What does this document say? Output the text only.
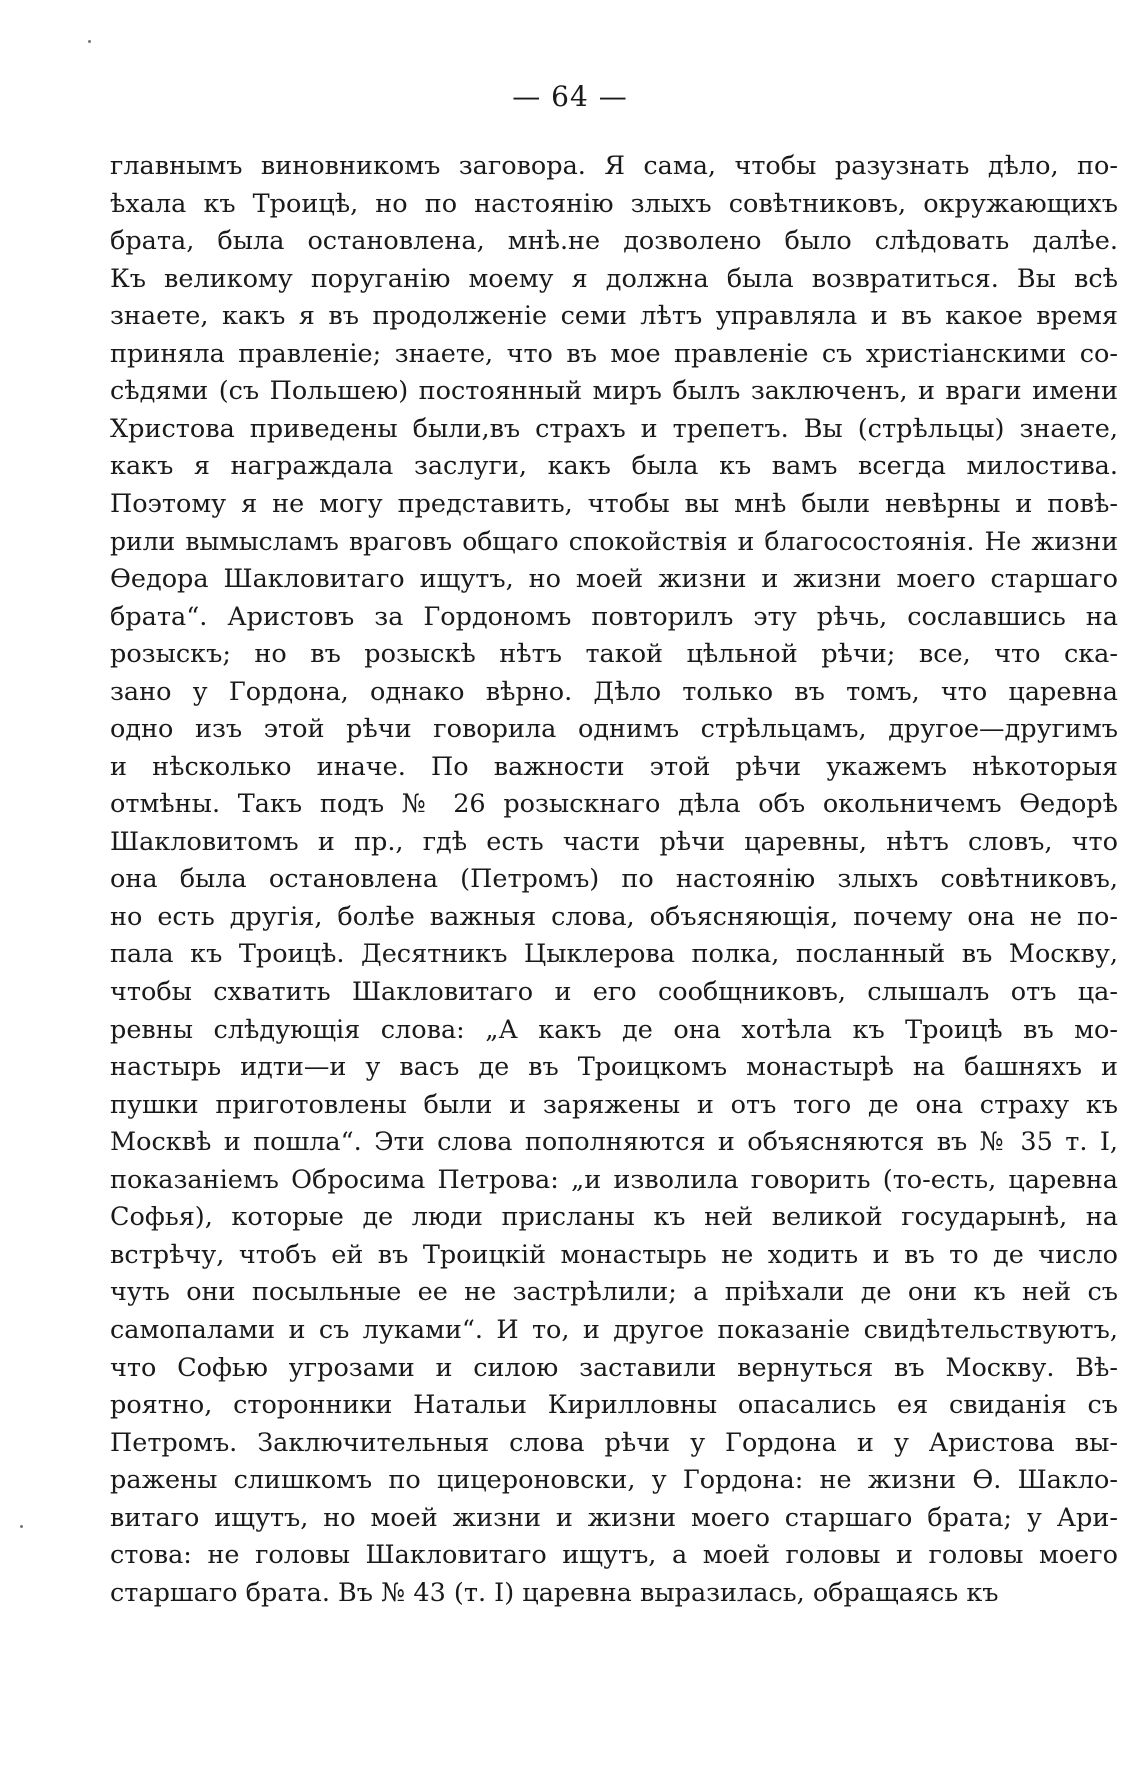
— 64 —
главнымъ виновникомъ заговора. Я сама, чтобы разузнать дѣло, по-
ѣхала къ Троицѣ, но по настоянію злыхъ совѣтниковъ, окружающихъ
брата, была остановлена, мнѣ.не дозволено было слѣдовать далѣе.
Къ великому поруганію моему я должна была возвратиться. Вы всѣ
знаете, какъ я въ продолженіе семи лѣтъ управляла и въ какое время
приняла правленіе; знаете, что въ мое правленіе съ христіанскими со-
сѣдями (съ Польшею) постоянный миръ былъ заключенъ, и враги имени
Христова приведены были,въ страхъ и трепетъ. Вы (стрѣльцы) знаете,
какъ я награждала заслуги, какъ была къ вамъ всегда милостива.
Поэтому я не могу представить, чтобы вы мнѣ были невѣрны и повѣ-
рили вымысламъ враговъ общаго спокойствія и благосостоянія. Не жизни
Ѳедора Шакловитаго ищутъ, но моей жизни и жизни моего старшаго
брата“. Аристовъ за Гордономъ повторилъ эту рѣчь, сославшись на
розыскъ; но въ розыскѣ нѣтъ такой цѣльной рѣчи; все, что ска-
зано у Гордона, однако вѣрно. Дѣло только въ томъ, что царевна
одно изъ этой рѣчи говорила однимъ стрѣльцамъ, другое—другимъ
и нѣсколько иначе. По важности этой рѣчи укажемъ нѣкоторыя
отмѣны. Такъ подъ № 26 розыскнаго дѣла объ окольничемъ Ѳедорѣ
Шакловитомъ и пр., гдѣ есть части рѣчи царевны, нѣтъ словъ, что
она была остановлена (Петромъ) по настоянію злыхъ совѣтниковъ,
но есть другія, болѣе важныя слова, объясняющія, почему она не по-
пала къ Троицѣ. Десятникъ Цыклерова полка, посланный въ Москву,
чтобы схватить Шакловитаго и его сообщниковъ, слышалъ отъ ца-
ревны слѣдующія слова: „А какъ де она хотѣла къ Троицѣ въ мо-
настырь идти—и у васъ де въ Троицкомъ монастырѣ на башняхъ и
пушки приготовлены были и заряжены и отъ того де она страху къ
Москвѣ и пошла“. Эти слова пополняются и объясняются въ № 35 т. I,
показаніемъ Обросима Петрова: „и изволила говорить (то-есть, царевна
Софья), которые де люди присланы къ ней великой государынѣ, на
встрѣчу, чтобъ ей въ Троицкій монастырь не ходить и въ то де число
чуть они посыльные ее не застрѣлили; а пріѣхали де они къ ней съ
самопалами и съ луками“. И то, и другое показаніе свидѣтельствуютъ,
что Софью угрозами и силою заставили вернуться въ Москву. Вѣ-
роятно, сторонники Натальи Кирилловны опасались ея свиданія съ
Петромъ. Заключительныя слова рѣчи у Гордона и у Аристова вы-
ражены слишкомъ по цицероновски, у Гордона: не жизни Ѳ. Шакло-
витаго ищутъ, но моей жизни и жизни моего старшаго брата; у Ари-
стова: не головы Шакловитаго ищутъ, а моей головы и головы моего
старшаго брата. Въ № 43 (т. I) царевна выразилась, обращаясь къ
